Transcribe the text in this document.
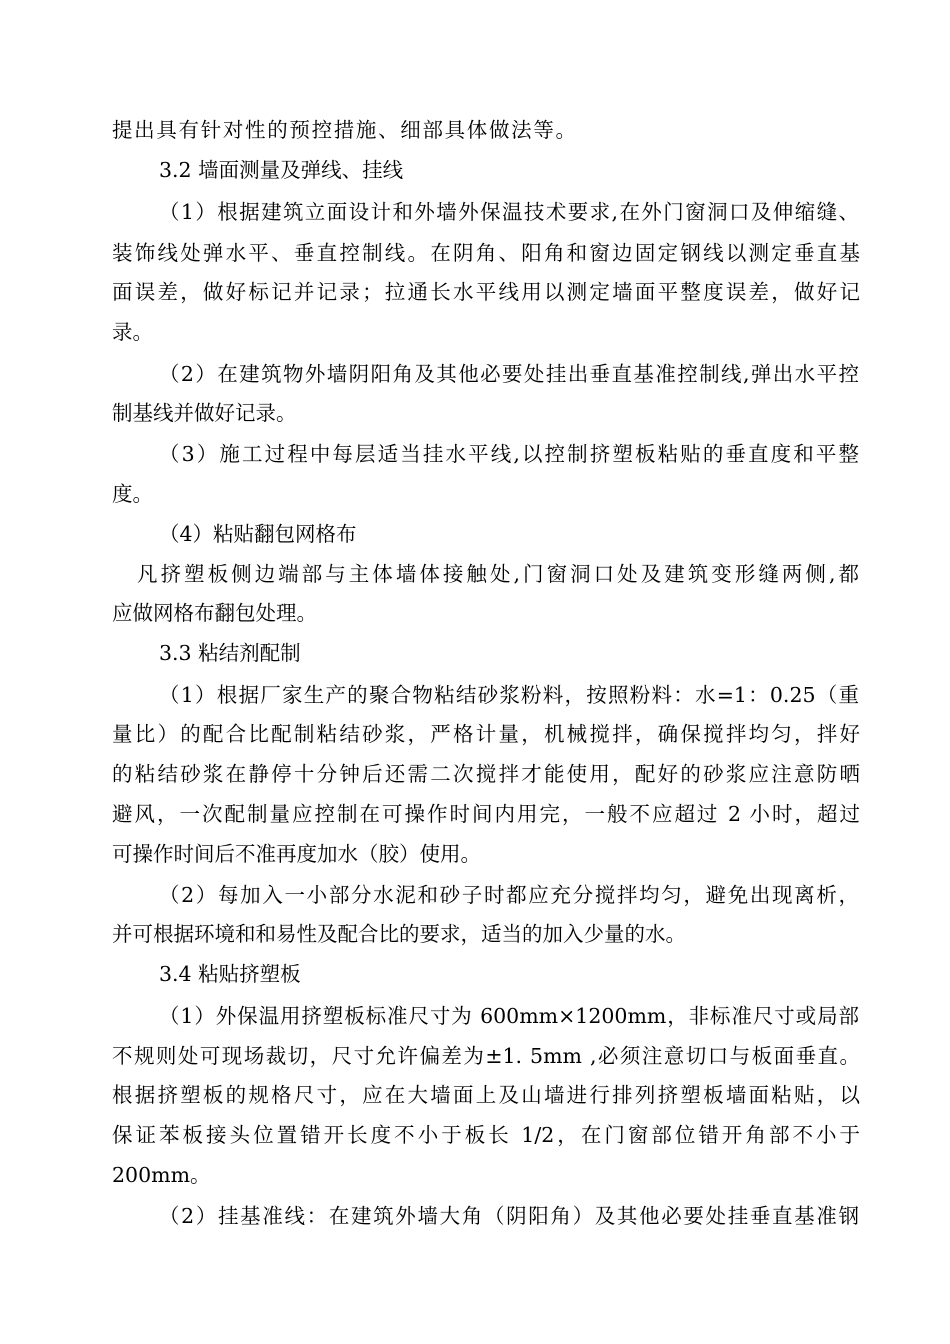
提出具有针对性的预控措施、细部具体做法等。
3.2 墙面测量及弹线、挂线
（1）根据建筑立面设计和外墙外保温技术要求,在外门窗洞口及伸缩缝、
装饰线处弹水平、垂直控制线。在阴角、阳角和窗边固定钢线以测定垂直基
面误差，做好标记并记录；拉通长水平线用以测定墙面平整度误差，做好记
录。
（2）在建筑物外墙阴阳角及其他必要处挂出垂直基准控制线,弹出水平控
制基线并做好记录。
（3）施工过程中每层适当挂水平线,以控制挤塑板粘贴的垂直度和平整
度。
（4）粘贴翻包网格布
凡挤塑板侧边端部与主体墙体接触处,门窗洞口处及建筑变形缝两侧,都
应做网格布翻包处理。
3.3 粘结剂配制
（1）根据厂家生产的聚合物粘结砂浆粉料，按照粉料：水=1：0.25（重
量比）的配合比配制粘结砂浆，严格计量，机械搅拌，确保搅拌均匀，拌好
的粘结砂浆在静停十分钟后还需二次搅拌才能使用，配好的砂浆应注意防晒
避风，一次配制量应控制在可操作时间内用完，一般不应超过 2 小时，超过
可操作时间后不准再度加水（胶）使用。
（2）每加入一小部分水泥和砂子时都应充分搅拌均匀，避免出现离析，
并可根据环境和和易性及配合比的要求，适当的加入少量的水。
3.4 粘贴挤塑板
（1）外保温用挤塑板标准尺寸为 600mm×1200mm，非标准尺寸或局部
不规则处可现场裁切，尺寸允许偏差为±1. 5mm ,必须注意切口与板面垂直。
根据挤塑板的规格尺寸，应在大墙面上及山墙进行排列挤塑板墙面粘贴，以
保证苯板接头位置错开长度不小于板长 1/2，在门窗部位错开角部不小于
200mm。
（2）挂基准线：在建筑外墙大角（阴阳角）及其他必要处挂垂直基准钢
